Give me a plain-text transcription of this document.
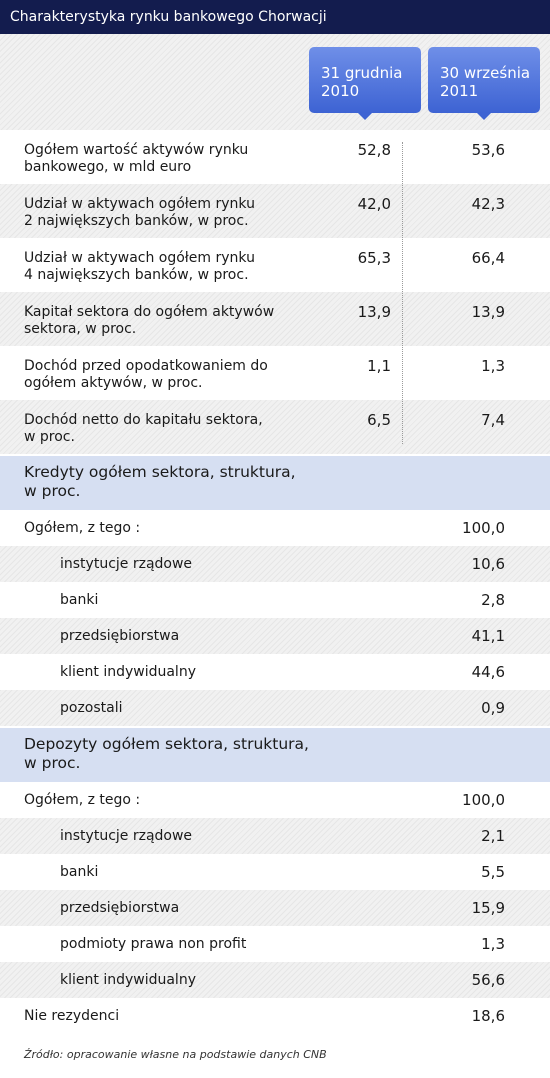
Charakterystyka rynku bankowego Chorwacji
31 grudnia
2010
30 września
2011
Ogółem wartość aktywów rynku
bankowego, w mld euro
52,8	53,6
Udział w aktywach ogółem rynku
2 największych banków, w proc.
42,0	42,3
Udział w aktywach ogółem rynku
4 największych banków, w proc.
65,3	66,4
Kapitał sektora do ogółem aktywów
sektora, w proc.
13,9	13,9
Dochód przed opodatkowaniem do
ogółem aktywów, w proc.
1,1	1,3
Dochód netto do kapitału sektora,
w proc.
6,5	7,4
Kredyty ogółem sektora, struktura,
w proc.
Ogółem, z tego :	100,0
instytucje rządowe	10,6
banki	2,8
przedsiębiorstwa	41,1
klient indywidualny	44,6
pozostali	0,9
Depozyty ogółem sektora, struktura,
w proc.
Ogółem, z tego :	100,0
instytucje rządowe	2,1
banki	5,5
przedsiębiorstwa	15,9
podmioty prawa non profit	1,3
klient indywidualny	56,6
Nie rezydenci	18,6
Źródło: opracowanie własne na podstawie danych CNB
